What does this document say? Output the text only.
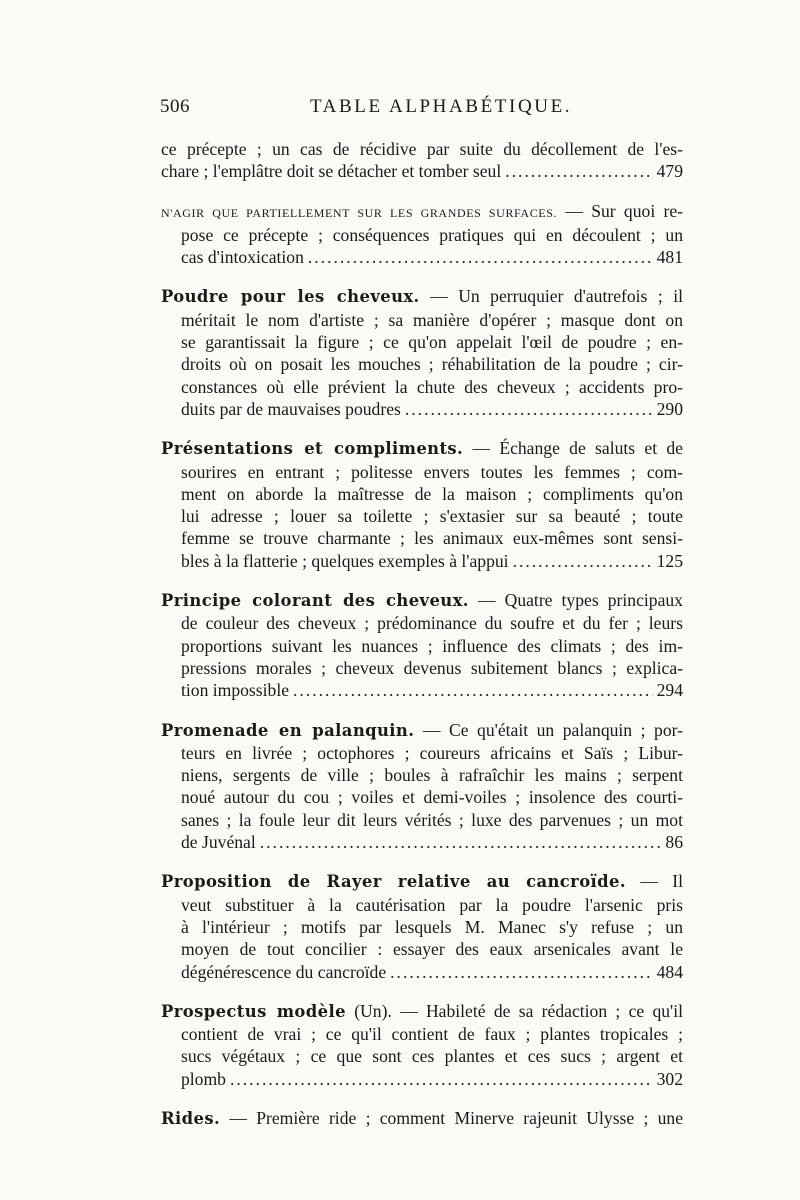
506	TABLE ALPHABÉTIQUE.
ce précepte ; un cas de récidive par suite du décollement de l'es-
chare ; l'emplâtre doit se détacher et tomber seul .....	479
N'AGIR QUE PARTIELLEMENT SUR LES GRANDES SURFACES. — Sur quoi re-
pose ce précepte ; conséquences pratiques qui en découlent ; un
cas d'intoxication .....	481
Poudre pour les cheveux. — Un perruquier d'autrefois ; il
méritait le nom d'artiste ; sa manière d'opérer ; masque dont on
se garantissait la figure ; ce qu'on appelait l'œil de poudre ; en-
droits où on posait les mouches ; réhabilitation de la poudre ; cir-
constances où elle prévient la chute des cheveux ; accidents pro-
duits par de mauvaises poudres .....	290
Présentations et compliments. — Échange de saluts et de
sourires en entrant ; politesse envers toutes les femmes ; com-
ment on aborde la maîtresse de la maison ; compliments qu'on
lui adresse ; louer sa toilette ; s'extasier sur sa beauté ; toute
femme se trouve charmante ; les animaux eux-mêmes sont sensi-
bles à la flatterie ; quelques exemples à l'appui .....	125
Principe colorant des cheveux. — Quatre types principaux
de couleur des cheveux ; prédominance du soufre et du fer ; leurs
proportions suivant les nuances ; influence des climats ; des im-
pressions morales ; cheveux devenus subitement blancs ; explica-
tion impossible .....	294
Promenade en palanquin. — Ce qu'était un palanquin ; por-
teurs en livrée ; octophores ; coureurs africains et Saïs ; Libur-
niens, sergents de ville ; boules à rafraîchir les mains ; serpent
noué autour du cou ; voiles et demi-voiles ; insolence des courti-
sanes ; la foule leur dit leurs vérités ; luxe des parvenues ; un mot
de Juvénal .....	86
Proposition de Rayer relative au cancroïde. — Il
veut substituer à la cautérisation par la poudre l'arsenic pris
à l'intérieur ; motifs par lesquels M. Manec s'y refuse ; un
moyen de tout concilier : essayer des eaux arsenicales avant le
dégénérescence du cancroïde .....	484
Prospectus modèle (Un). — Habileté de sa rédaction ; ce qu'il
contient de vrai ; ce qu'il contient de faux ; plantes tropicales ;
sucs végétaux ; ce que sont ces plantes et ces sucs ; argent et
plomb .....	302
Rides. — Première ride ; comment Minerve rajeunit Ulysse ; une
